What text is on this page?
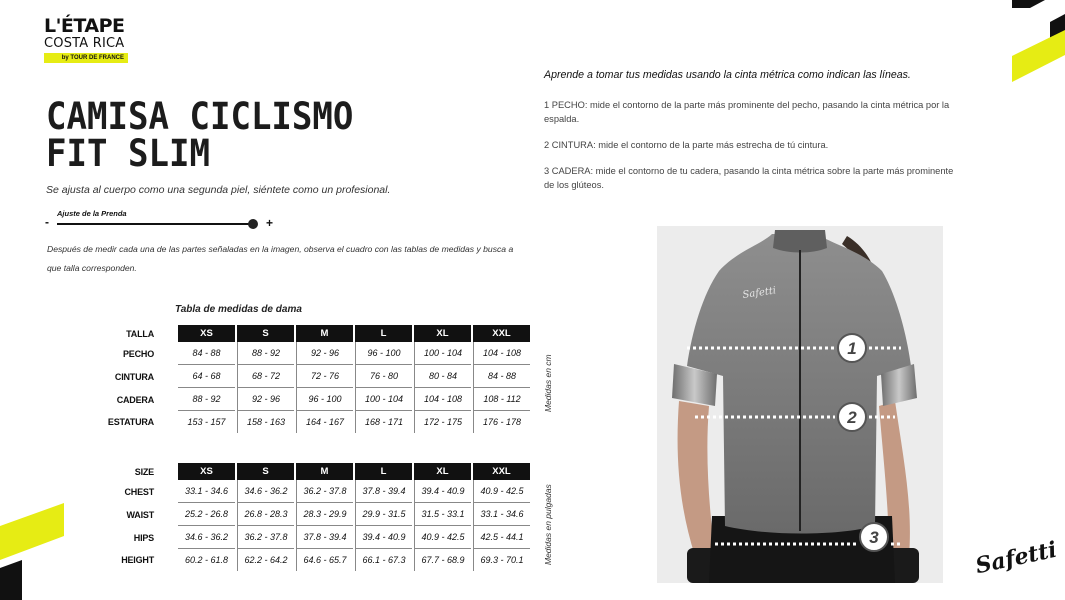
L'ÉTAPE
COSTA RICA
by TOUR DE FRANCE
CAMISA CICLISMO
FIT SLIM
Se ajusta al cuerpo como una segunda piel, siéntete como un profesional.
Ajuste de la Prenda
-	+
Después de medir cada una de las partes señaladas en la imagen, observa el cuadro con las tablas de medidas y busca a que talla corresponden.
Tabla de medidas de dama
TALLA	XS	S	M	L	XL	XXL
PECHO	84 - 88	88 - 92	92 - 96	96 - 100	100 - 104	104 - 108
CINTURA	64 - 68	68 - 72	72 - 76	76 - 80	80 - 84	84 - 88
CADERA	88 - 92	92 - 96	96 - 100	100 - 104	104 - 108	108 - 112
ESTATURA	153 - 157	158 - 163	164 - 167	168 - 171	172 - 175	176 - 178
Medidas en cm
SIZE	XS	S	M	L	XL	XXL
CHEST	33.1 - 34.6	34.6 - 36.2	36.2 - 37.8	37.8 - 39.4	39.4 - 40.9	40.9 - 42.5
WAIST	25.2 - 26.8	26.8 - 28.3	28.3 - 29.9	29.9 - 31.5	31.5 - 33.1	33.1 - 34.6
HIPS	34.6 - 36.2	36.2 - 37.8	37.8 - 39.4	39.4 - 40.9	40.9 - 42.5	42.5 - 44.1
HEIGHT	60.2 - 61.8	62.2 - 64.2	64.6 - 65.7	66.1 - 67.3	67.7 - 68.9	69.3 - 70.1 Medidas en pulgadas
Aprende a tomar tus medidas usando la cinta métrica como indican las líneas.
1 PECHO: mide el contorno de la parte más prominente del pecho, pasando la cinta métrica por la espalda.
2 CINTURA: mide el contorno de la parte más estrecha de tú cintura.
3 CADERA: mide el contorno de tu cadera, pasando la cinta métrica sobre la parte más prominente de los glúteos.
1
2
3
Safetti
Safetti
